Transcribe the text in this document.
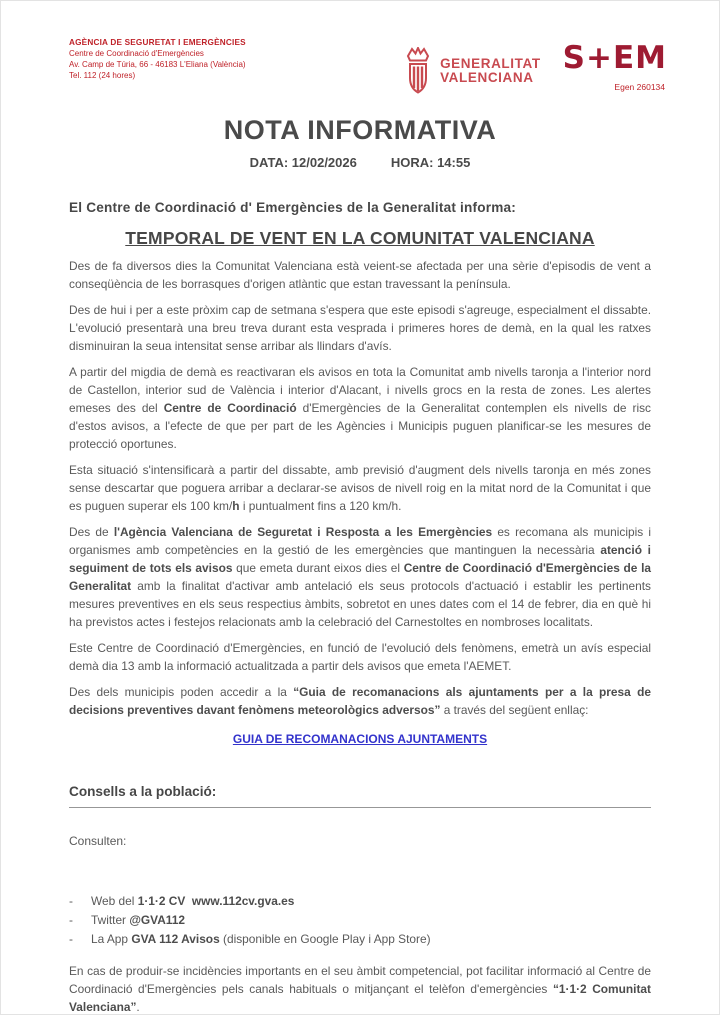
AGÈNCIA DE SEGURETAT I EMERGÈNCIES
Centre de Coordinació d'Emergències
Av. Camp de Túria, 66 - 46183 L'Eliana (València)
Tel. 112 (24 hores)
GENERALITAT
VALENCIANA
S+EM
Egen 260134
NOTA INFORMATIVA
DATA: 12/02/2026	HORA: 14:55

El Centre de Coordinació d' Emergències de la Generalitat informa:

TEMPORAL DE VENT EN LA COMUNITAT VALENCIANA

Des de fa diversos dies la Comunitat Valenciana està veient-se afectada per una sèrie d'episodis de vent a conseqüència de les borrasques d'origen atlàntic que estan travessant la península.

Des de hui i per a este pròxim cap de setmana s'espera que este episodi s'agreuge, especialment el dissabte. L'evolució presentarà una breu treva durant esta vesprada i primeres hores de demà, en la qual les ratxes disminuiran la seua intensitat sense arribar als llindars d'avís.

A partir del migdia de demà es reactivaran els avisos en tota la Comunitat amb nivells taronja a l'interior nord de Castellon, interior sud de València i interior d'Alacant, i nivells grocs en la resta de zones. Les alertes emeses des del Centre de Coordinació d'Emergències de la Generalitat contemplen els nivells de risc d'estos avisos, a l'efecte de que per part de les Agències i Municipis puguen planificar-se les mesures de protecció oportunes.

Esta situació s'intensificarà a partir del dissabte, amb previsió d'augment dels nivells taronja en més zones sense descartar que poguera arribar a declarar-se avisos de nivell roig en la mitat nord de la Comunitat i que es puguen superar els 100 km/h i puntualment fins a 120 km/h.

Des de l'Agència Valenciana de Seguretat i Resposta a les Emergències es recomana als municipis i organismes amb competències en la gestió de les emergències que mantinguen la necessària atenció i seguiment de tots els avisos que emeta durant eixos dies el Centre de Coordinació d'Emergències de la Generalitat amb la finalitat d'activar amb antelació els seus protocols d'actuació i establir les pertinents mesures preventives en els seus respectius àmbits, sobretot en unes dates com el 14 de febrer, dia en què hi ha previstos actes i festejos relacionats amb la celebració del Carnestoltes en nombroses localitats.

Este Centre de Coordinació d'Emergències, en funció de l'evolució dels fenòmens, emetrà un avís especial demà dia 13 amb la informació actualitzada a partir dels avisos que emeta l'AEMET.

Des dels municipis poden accedir a la “Guia de recomanacions als ajuntaments per a la presa de decisions preventives davant fenòmens meteorològics adversos” a través del següent enllaç:

GUIA DE RECOMANACIONS AJUNTAMENTS
Consells a la població:

Consulten:

-	Web del 1·1·2 CV  www.112cv.gva.es
-	Twitter @GVA112
-	La App GVA 112 Avisos (disponible en Google Play i App Store)

En cas de produir-se incidències importants en el seu àmbit competencial, pot facilitar informació al Centre de Coordinació d'Emergències pels canals habituals o mitjançant el telèfon d'emergències “1·1·2 Comunitat Valenciana”.
